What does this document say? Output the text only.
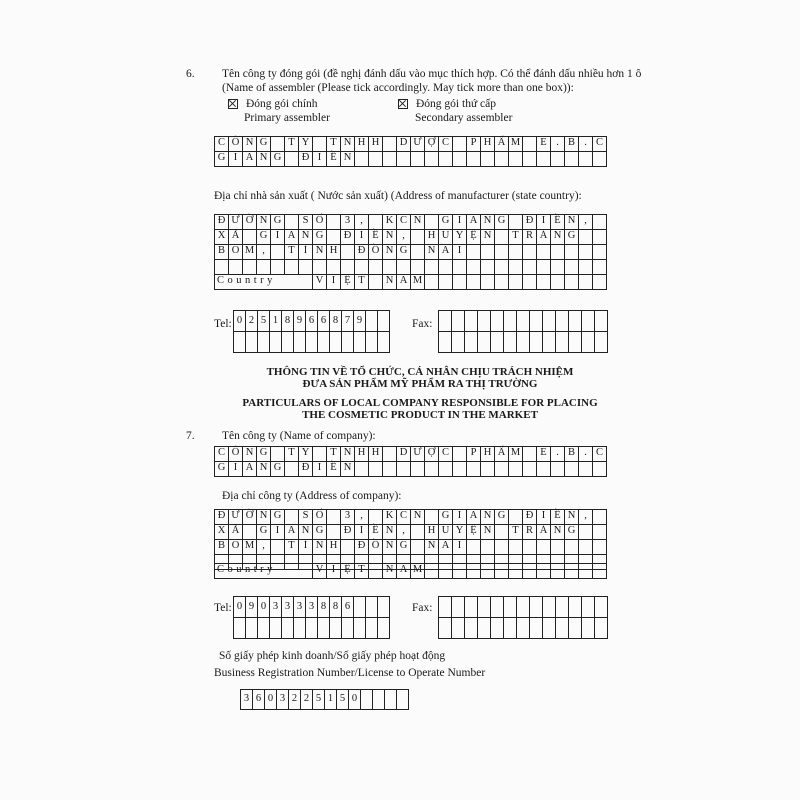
6. Tên công ty đóng gói (đề nghị đánh dấu vào mục thích hợp. Có thể đánh dấu nhiều hơn 1 ô
(Name of assembler (Please tick accordingly. May tick more than one box)):
Đóng gói chính
Primary assembler
Đóng gói thứ cấp
Secondary assembler
C Ô N G	T Y	T N H H	D Ư Ợ C	P H Ẩ M	E . B . C
G I A N G	Đ I Ề N
Địa chỉ nhà sản xuất ( Nước sản xuất) (Address of manufacturer (state country):
Đ Ư Ờ N G	S Ố	3 ,	K C N	G I A N G	Đ I Ề N ,
X Ã	G I A N G	Đ I Ề N ,	H U Y Ệ N	T R Ả N G
B O M ,	T Ỉ N H	Đ Ồ N G	N A I
Country	V I Ệ T	N A M
Tel: 0 2 5 1 8 9 6 6 8 7 9	Fax:
THÔNG TIN VỀ TỔ CHỨC, CÁ NHÂN CHỊU TRÁCH NHIỆM
ĐƯA SẢN PHẨM MỸ PHẨM RA THỊ TRƯỜNG
PARTICULARS OF LOCAL COMPANY RESPONSIBLE FOR PLACING
THE COSMETIC PRODUCT IN THE MARKET
7. Tên công ty (Name of company):
C Ô N G	T Y	T N H H	D Ư Ợ C	P H Ẩ M	E . B . C
G I A N G	Đ I Ề N
Địa chỉ công ty (Address of company):
Đ Ư Ờ N G	S Ố	3 ,	K C N	G I A N G	Đ I Ề N ,
X Ã	G I A N G	Đ I Ề N ,	H U Y Ệ N	T R Ả N G
B O M ,	T Ỉ N H	Đ Ồ N G	N A I
Country	V I Ệ T	N A M
Tel: 0 9 0 3 3 3 3 8 8 6	Fax:
Số giấy phép kinh doanh/Số giấy phép hoạt động
Business Registration Number/License to Operate Number
3 6 0 3 2 2 5 1 5 0
